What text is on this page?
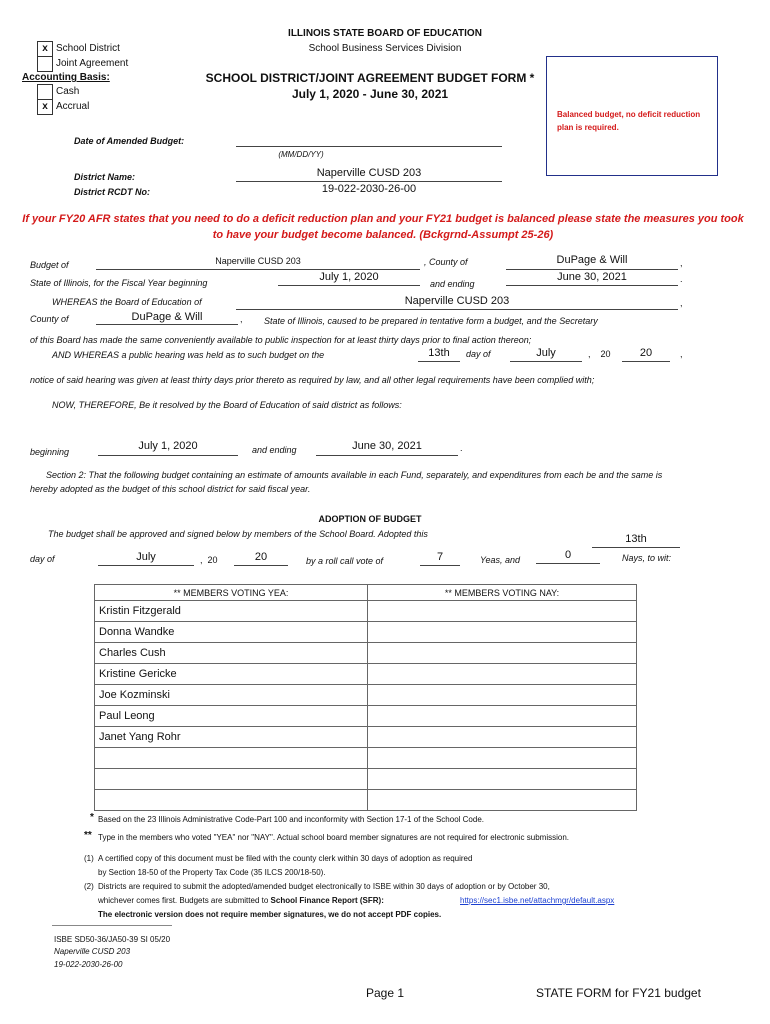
ILLINOIS STATE BOARD OF EDUCATION
School Business Services Division
SCHOOL DISTRICT/JOINT AGREEMENT BUDGET FORM *
July 1, 2020 - June 30, 2021
x School District
Joint Agreement
Accounting Basis:
Cash
x Accrual
Balanced budget, no deficit reduction plan is required.
Date of Amended Budget:
(MM/DD/YY)
District Name:	Naperville CUSD 203
District RCDT No:	19-022-2030-26-00
If your FY20 AFR states that you need to do a deficit reduction plan and your FY21 budget is balanced please state the measures you took to have your budget become balanced. (Bckgrnd-Assumpt 25-26)
Budget of	Naperville CUSD 203	, County of	DuPage & Will	,
State of Illinois, for the Fiscal Year beginning	July 1, 2020
and ending
June 30, 2021	.
WHEREAS the Board of Education of	Naperville CUSD 203	,
County of	DuPage & Will	, State of Illinois, caused to be prepared in tentative form a budget, and the Secretary
of this Board has made the same conveniently available to public inspection for at least thirty days prior to final action thereon;
AND WHEREAS a public hearing was held as to such budget on the	13th	day of	July	,    20	20	,
notice of said hearing was given at least thirty days prior thereto as required by law, and all other legal requirements have been complied with;
NOW, THEREFORE, Be it resolved by the Board of Education of said district as follows:
beginning	July 1, 2020	and ending	June 30, 2021	.
Section 2: That the following budget containing an estimate of amounts available in each Fund, separately, and expenditures from each be and the same is hereby adopted as the budget of this school district for said fiscal year.
ADOPTION OF BUDGET
The budget shall be approved and signed below by members of the School Board. Adopted this	13th
day of	July	,  20	20	by a roll call vote of	7	Yeas, and	0	Nays, to wit:
** MEMBERS VOTING YEA:	** MEMBERS VOTING NAY:
Kristin Fitzgerald	
Donna Wandke	
Charles Cush	
Kristine Gericke	
Joe Kozminski	
Paul Leong	
Janet Yang Rohr	

* Based on the 23 Illinois Administrative Code-Part 100 and inconformity with Section 17-1 of the School Code.
** Type in the members who voted "YEA" nor "NAY". Actual school board member signatures are not required for electronic submission.
(1) A certified copy of this document must be filed with the county clerk within 30 days of adoption as required
by Section 18-50 of the Property Tax Code (35 ILCS 200/18-50).
(2) Districts are required to submit the adopted/amended budget electronically to ISBE within 30 days of adoption or by October 30,
whichever comes first. Budgets are submitted to School Finance Report (SFR):	https://sec1.isbe.net/attachmgr/default.aspx
The electronic version does not require member signatures, we do not accept PDF copies.
ISBE SD50-36/JA50-39 SI 05/20
Naperville CUSD 203
19-022-2030-26-00
Page 1	STATE FORM for FY21 budget
